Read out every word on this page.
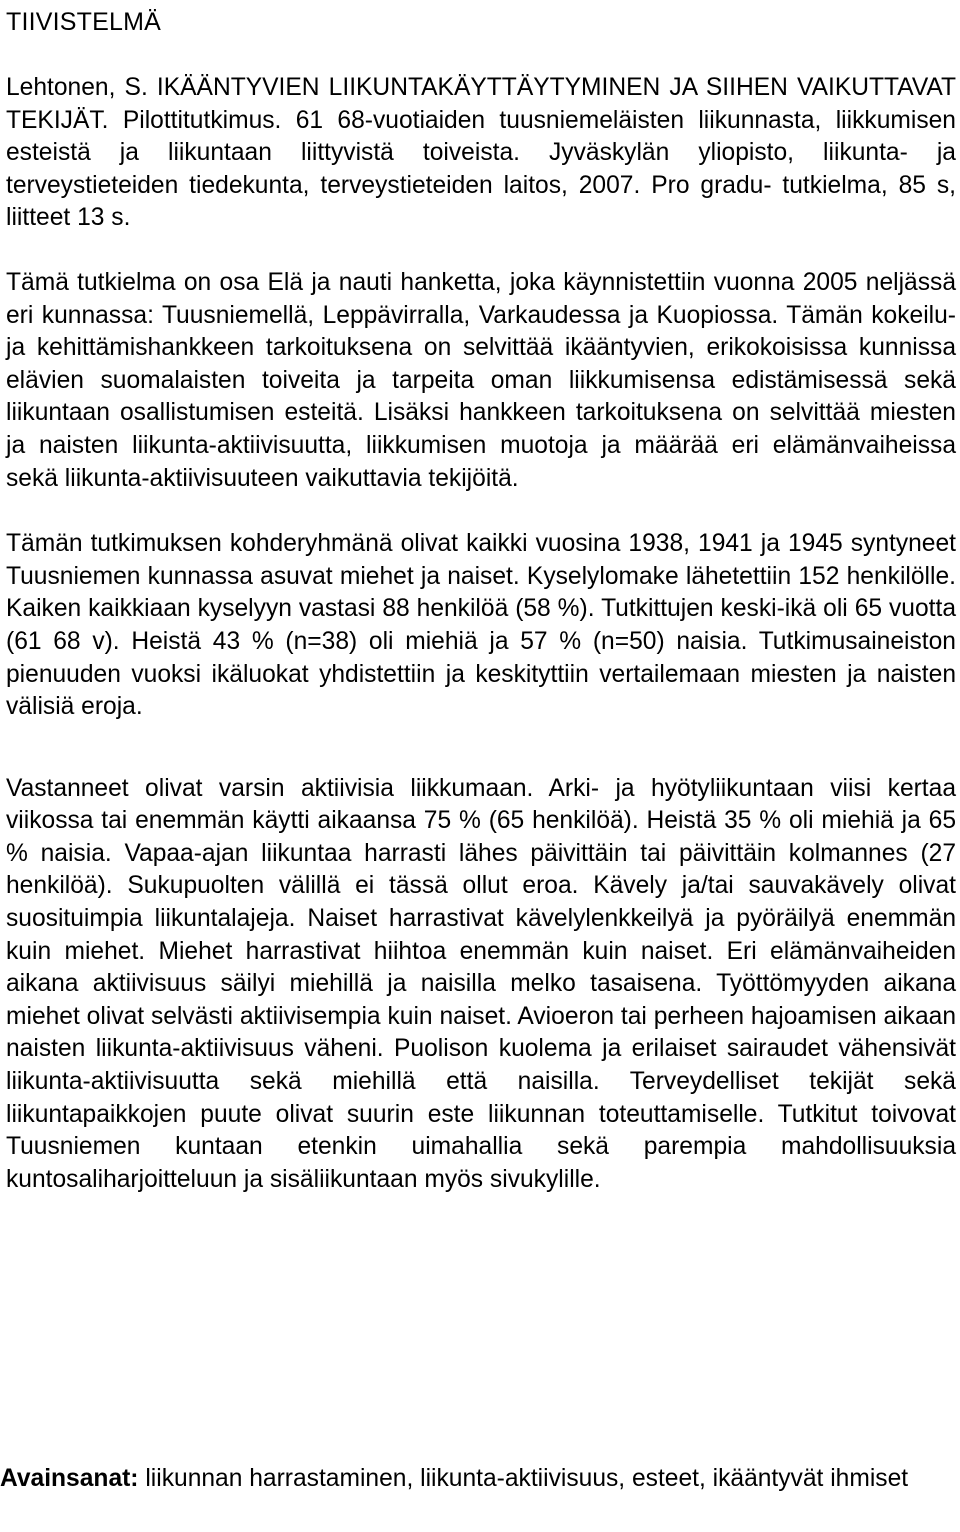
TIIVISTELMÄ

Lehtonen, S. IKÄÄNTYVIEN LIIKUNTAKÄYTTÄYTYMINEN JA SIIHEN VAIKUTTAVAT TEKIJÄT. Pilottitutkimus. 61 68-vuotiaiden tuusniemeläisten liikunnasta, liikkumisen esteistä ja liikuntaan liittyvistä toiveista. Jyväskylän yliopisto, liikunta- ja terveystieteiden tiedekunta, terveystieteiden laitos, 2007. Pro gradu- tutkielma, 85 s, liitteet 13 s.

Tämä tutkielma on osa Elä ja nauti hanketta, joka käynnistettiin vuonna 2005 neljässä eri kunnassa: Tuusniemellä, Leppävirralla, Varkaudessa ja Kuopiossa. Tämän kokeilu- ja kehittämishankkeen tarkoituksena on selvittää ikääntyvien, erikokoisissa kunnissa elävien suomalaisten toiveita ja tarpeita oman liikkumisensa edistämisessä sekä liikuntaan osallistumisen esteitä. Lisäksi hankkeen tarkoituksena on selvittää miesten ja naisten liikunta-aktiivisuutta, liikkumisen muotoja ja määrää eri elämänvaiheissa sekä liikunta-aktiivisuuteen vaikuttavia tekijöitä.

Tämän tutkimuksen kohderyhmänä olivat kaikki vuosina 1938, 1941 ja 1945 syntyneet Tuusniemen kunnassa asuvat miehet ja naiset. Kyselylomake lähetettiin 152 henkilölle. Kaiken kaikkiaan kyselyyn vastasi 88 henkilöä (58 %). Tutkittujen keski-ikä oli 65 vuotta (61 68 v). Heistä 43 % (n=38) oli miehiä ja 57 % (n=50) naisia. Tutkimusaineiston pienuuden vuoksi ikäluokat yhdistettiin ja keskityttiin vertailemaan miesten ja naisten välisiä eroja.

Vastanneet olivat varsin aktiivisia liikkumaan. Arki- ja hyötyliikuntaan viisi kertaa viikossa tai enemmän käytti aikaansa 75 % (65 henkilöä). Heistä 35 % oli miehiä ja 65 % naisia. Vapaa-ajan liikuntaa harrasti lähes päivittäin tai päivittäin kolmannes (27 henkilöä). Sukupuolten välillä ei tässä ollut eroa. Kävely ja/tai sauvakävely olivat suosituimpia liikuntalajeja. Naiset harrastivat kävelylenkkeilyä ja pyöräilyä enemmän kuin miehet. Miehet harrastivat hiihtoa enemmän kuin naiset. Eri elämänvaiheiden aikana aktiivisuus säilyi miehillä ja naisilla melko tasaisena. Työttömyyden aikana miehet olivat selvästi aktiivisempia kuin naiset. Avioeron tai perheen hajoamisen aikaan naisten liikunta-aktiivisuus väheni. Puolison kuolema ja erilaiset sairaudet vähensivät liikunta-aktiivisuutta sekä miehillä että naisilla. Terveydelliset tekijät sekä liikuntapaikkojen puute olivat suurin este liikunnan toteuttamiselle. Tutkitut toivovat Tuusniemen kuntaan etenkin uimahallia sekä parempia mahdollisuuksia kuntosaliharjoitteluun ja sisäliikuntaan myös sivukylille.

Avainsanat: liikunnan harrastaminen, liikunta-aktiivisuus, esteet, ikääntyvät ihmiset
